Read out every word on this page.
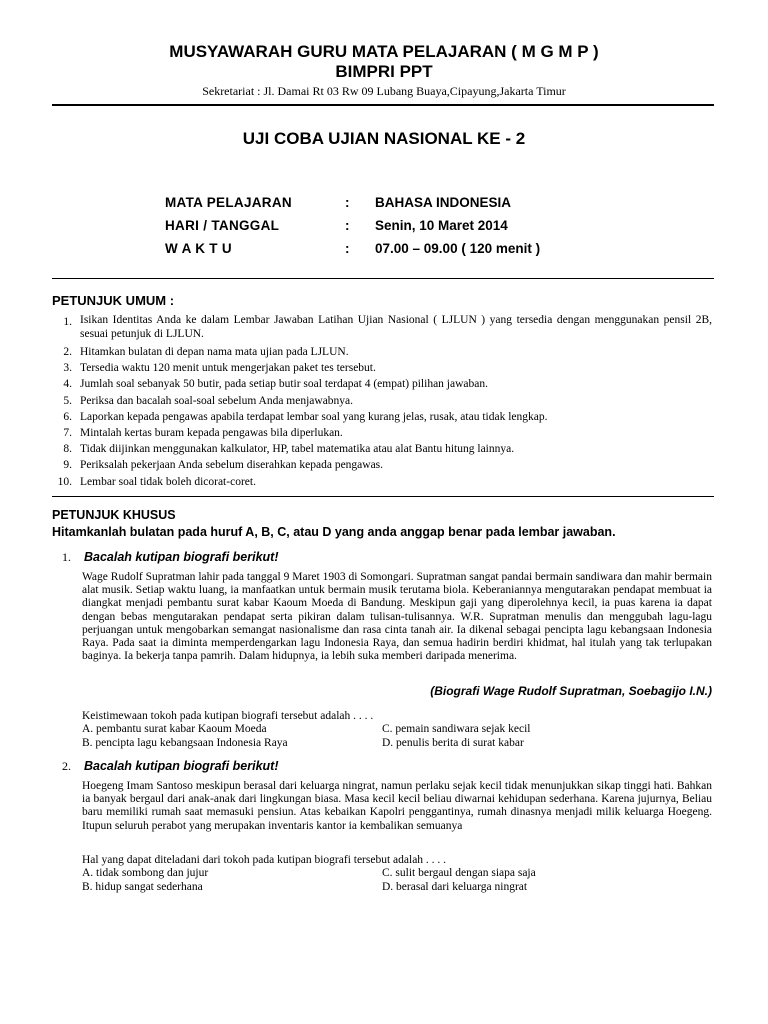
MUSYAWARAH GURU MATA PELAJARAN ( M G M P )
BIMPRI PPT
Sekretariat : Jl. Damai Rt 03 Rw 09 Lubang Buaya,Cipayung,Jakarta Timur
UJI COBA UJIAN NASIONAL KE - 2
MATA PELAJARAN	:	BAHASA INDONESIA
HARI / TANGGAL	:	Senin, 10 Maret 2014
W A K T U	:	07.00 – 09.00 ( 120 menit )
PETUNJUK UMUM :
1. Isikan Identitas Anda ke dalam Lembar Jawaban Latihan Ujian Nasional ( LJLUN ) yang tersedia dengan menggunakan pensil 2B, sesuai petunjuk di LJLUN.
2. Hitamkan bulatan di depan nama mata ujian pada LJLUN.
3. Tersedia waktu 120 menit untuk mengerjakan paket tes tersebut.
4. Jumlah soal sebanyak 50 butir, pada setiap butir soal terdapat 4 (empat) pilihan jawaban.
5. Periksa dan bacalah soal-soal sebelum Anda menjawabnya.
6. Laporkan kepada pengawas apabila terdapat lembar soal yang kurang jelas, rusak, atau tidak lengkap.
7. Mintalah kertas buram kepada pengawas bila diperlukan.
8. Tidak diijinkan menggunakan kalkulator, HP, tabel matematika atau alat Bantu hitung lainnya.
9. Periksalah pekerjaan Anda sebelum diserahkan kepada pengawas.
10. Lembar soal tidak boleh dicorat-coret.
PETUNJUK KHUSUS
Hitamkanlah bulatan pada huruf A, B, C, atau D yang anda anggap benar pada lembar jawaban.
1.	Bacalah kutipan biografi berikut!
Wage Rudolf Supratman lahir pada tanggal 9 Maret 1903 di Somongari. Supratman sangat pandai bermain sandiwara dan mahir bermain alat musik. Setiap waktu luang, ia manfaatkan untuk bermain musik terutama biola. Keberaniannya mengutarakan pendapat membuat ia diangkat menjadi pembantu surat kabar Kaoum Moeda di Bandung. Meskipun gaji yang diperolehnya kecil, ia puas karena ia dapat dengan bebas mengutarakan pendapat serta pikiran dalam tulisan-tulisannya. W.R. Supratman menulis dan menggubah lagu-lagu perjuangan untuk mengobarkan semangat nasionalisme dan rasa cinta tanah air. Ia dikenal sebagai pencipta lagu kebangsaan Indonesia Raya. Pada saat ia diminta memperdengarkan lagu Indonesia Raya, dan semua hadirin berdiri khidmat, hal itulah yang tak terlupakan baginya. Ia bekerja tanpa pamrih. Dalam hidupnya, ia lebih suka memberi daripada menerima.
(Biografi Wage Rudolf Supratman, Soebagijo I.N.)
Keistimewaan tokoh pada kutipan biografi tersebut adalah . . . .
A. pembantu surat kabar Kaoum Moeda	C. pemain sandiwara sejak kecil
B. pencipta lagu kebangsaan Indonesia Raya	D. penulis berita di surat kabar
2.	Bacalah kutipan biografi berikut!
Hoegeng Imam Santoso meskipun berasal dari keluarga ningrat, namun perlaku sejak kecil tidak menunjukkan sikap tinggi hati. Bahkan ia banyak bergaul dari anak-anak dari lingkungan biasa. Masa kecil kecil beliau diwarnai kehidupan sederhana. Karena jujurnya, Beliau baru memiliki rumah saat memasuki pensiun. Atas kebaikan Kapolri penggantinya, rumah dinasnya menjadi milik keluarga Hoegeng. Itupun seluruh perabot yang merupakan inventaris kantor ia kembalikan semuanya
Hal yang dapat diteladani dari tokoh pada kutipan biografi tersebut adalah . . . .
A. tidak sombong dan jujur	C. sulit bergaul dengan siapa saja
B. hidup sangat sederhana	D. berasal dari keluarga ningrat
